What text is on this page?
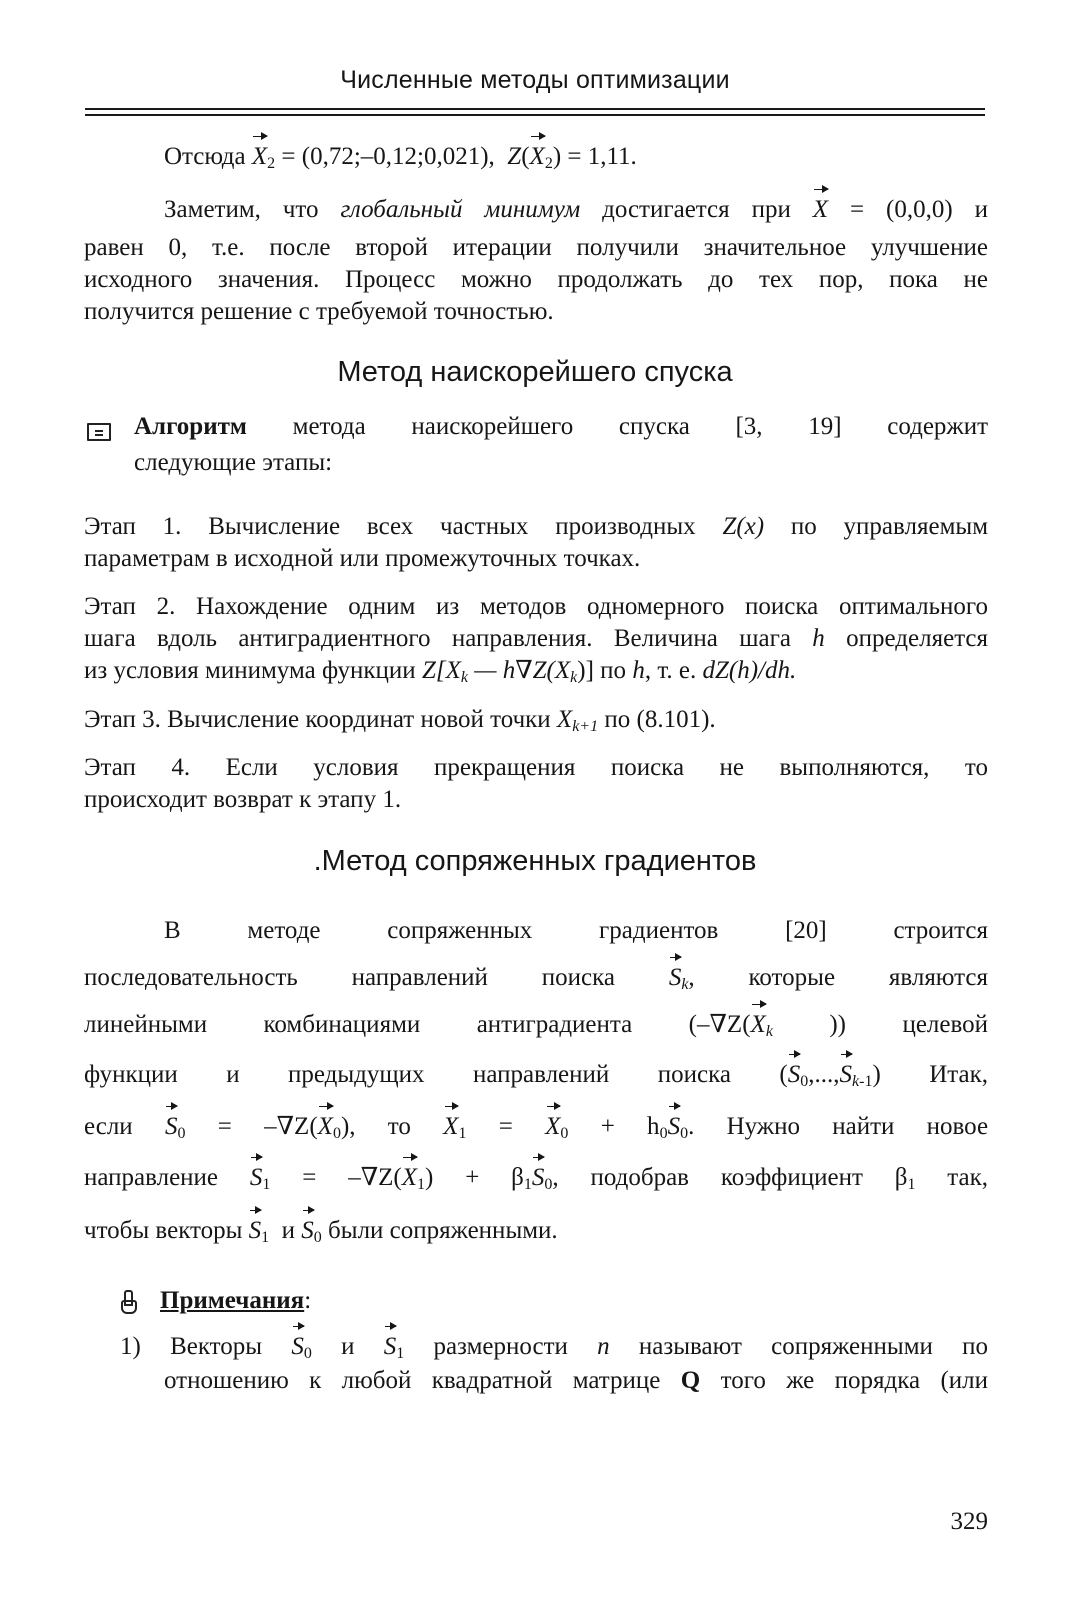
Численные методы оптимизации
Отсюда $X_2$ = (0,72;–0,12;0,021), $Z(X_2) = 1,11$.
Заметим, что глобальный минимум достигается при X = (0,0,0) и
равен 0, т.е. после второй итерации получили значительное улучшение
исходного значения. Процесс можно продолжать до тех пор, пока не
получится решение с требуемой точностью.
Метод наискорейшего спуска
Алгоритм метода наискорейшего спуска [3, 19] содержит
следующие этапы:
Этап 1. Вычисление всех частных производных Z(x) по управляемым
параметрам в исходной или промежуточных точках.
Этап 2. Нахождение одним из методов одномерного поиска оптимального
шага вдоль антиградиентного направления. Величина шага h определяется
из условия минимума функции $Z[X_k$ — $h\nabla Z(X_k)$] по h, т. е. dZ(h)/dh.
Этап 3. Вычисление координат новой точки $X_{k+1}$ по (8.101).
Этап 4. Если условия прекращения поиска не выполняются, то
происходит возврат к этапу 1.
.Метод сопряженных градиентов
В методе сопряженных градиентов [20] строится
последовательность направлений поиска $S_k$, которые являются
линейными комбинациями антиградиента ($-\nabla Z(X_k$ )) целевой
функции и предыдущих направлений поиска $(S_0,...,S_{k-1})$ Итак,
если $S_0 = -\nabla Z(X_0)$, то $X_1 = X_0 + h_0S_0$. Нужно найти новое
направление $S_1 = -\nabla Z(X_1) + \beta_1S_0$, подобрав коэффициент $\beta_1$ так,
чтобы векторы $S_1$ и $S_0$ были сопряженными.
Примечания:
1) Векторы $S_0$ и $S_1$ размерности n называют сопряженными по
отношению к любой квадратной матрице Q того же порядка (или
329
